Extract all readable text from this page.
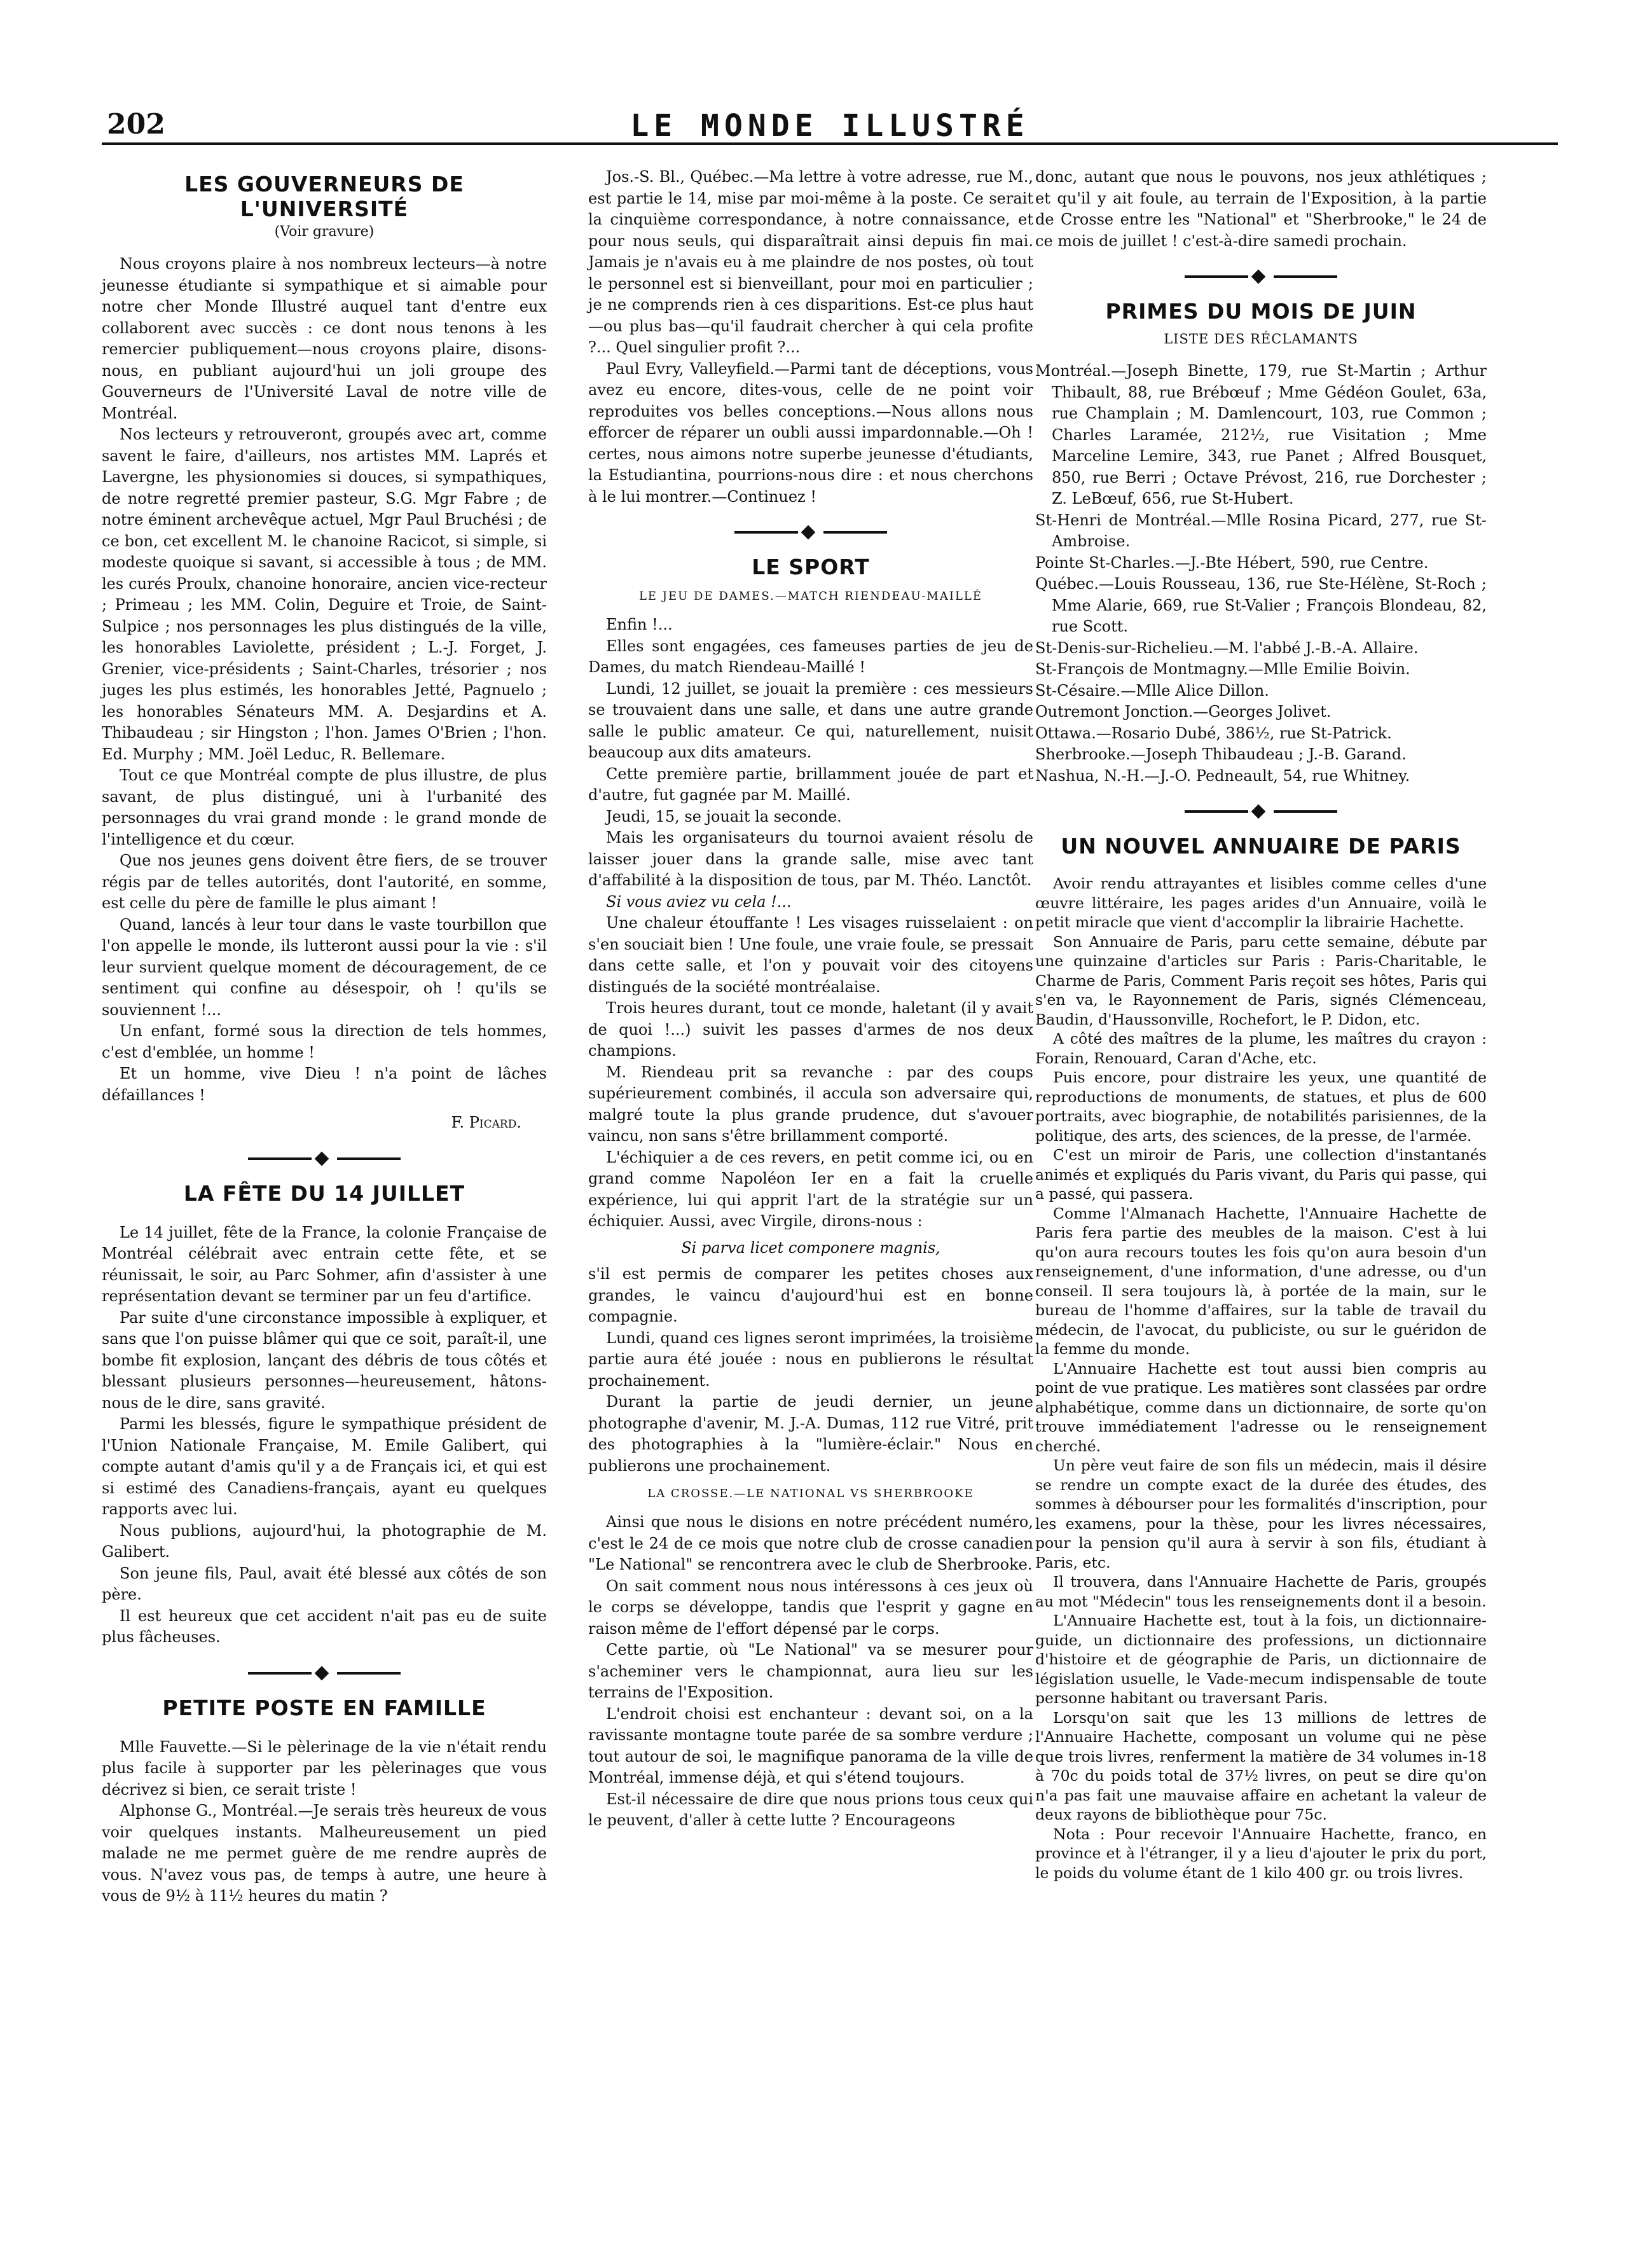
202	LE MONDE ILLUSTRÉ
LES GOUVERNEURS DE L'UNIVERSITÉ
(Voir gravure)

Nous croyons plaire à nos nombreux lecteurs—à notre jeunesse étudiante si sympathique et si aimable pour notre cher Monde Illustré auquel tant d'entre eux collaborent avec succès : ce dont nous tenons à les remercier publiquement—nous croyons plaire, disons-nous, en publiant aujourd'hui un joli groupe des Gouverneurs de l'Université Laval de notre ville de Montréal.

Nos lecteurs y retrouveront, groupés avec art, comme savent le faire, d'ailleurs, nos artistes MM. Laprés et Lavergne, les physionomies si douces, si sympathiques, de notre regretté premier pasteur, S.G. Mgr Fabre ; de notre éminent archevêque actuel, Mgr Paul Bruchési ; de ce bon, cet excellent M. le chanoine Racicot, si simple, si modeste quoique si savant, si accessible à tous ; de MM. les curés Proulx, chanoine honoraire, ancien vice-recteur ; Primeau ; les MM. Colin, Deguire et Troie, de Saint-Sulpice ; nos personnages les plus distingués de la ville, les honorables Laviolette, président ; L.-J. Forget, J. Grenier, vice-présidents ; Saint-Charles, trésorier ; nos juges les plus estimés, les honorables Jetté, Pagnuelo ; les honorables Sénateurs MM. A. Desjardins et A. Thibaudeau ; sir Hingston ; l'hon. James O'Brien ; l'hon. Ed. Murphy ; MM. Joël Leduc, R. Bellemare.

Tout ce que Montréal compte de plus illustre, de plus savant, de plus distingué, uni à l'urbanité des personnages du vrai grand monde : le grand monde de l'intelligence et du cœur.

Que nos jeunes gens doivent être fiers, de se trouver régis par de telles autorités, dont l'autorité, en somme, est celle du père de famille le plus aimant !

Quand, lancés à leur tour dans le vaste tourbillon que l'on appelle le monde, ils lutteront aussi pour la vie : s'il leur survient quelque moment de découragement, de ce sentiment qui confine au désespoir, oh ! qu'ils se souviennent !...

Un enfant, formé sous la direction de tels hommes, c'est d'emblée, un homme !

Et un homme, vive Dieu ! n'a point de lâches défaillances !

F. Picard.

LA FÊTE DU 14 JUILLET

Le 14 juillet, fête de la France, la colonie Française de Montréal célébrait avec entrain cette fête, et se réunissait, le soir, au Parc Sohmer, afin d'assister à une représentation devant se terminer par un feu d'artifice.

Par suite d'une circonstance impossible à expliquer, et sans que l'on puisse blâmer qui que ce soit, paraît-il, une bombe fit explosion, lançant des débris de tous côtés et blessant plusieurs personnes—heureusement, hâtons-nous de le dire, sans gravité.

Parmi les blessés, figure le sympathique président de l'Union Nationale Française, M. Emile Galibert, qui compte autant d'amis qu'il y a de Français ici, et qui est si estimé des Canadiens-français, ayant eu quelques rapports avec lui.

Nous publions, aujourd'hui, la photographie de M. Galibert.

Son jeune fils, Paul, avait été blessé aux côtés de son père.

Il est heureux que cet accident n'ait pas eu de suite plus fâcheuses.

PETITE POSTE EN FAMILLE

Mlle Fauvette.—Si le pèlerinage de la vie n'était rendu plus facile à supporter par les pèlerinages que vous décrivez si bien, ce serait triste !

Alphonse G., Montréal.—Je serais très heureux de vous voir quelques instants. Malheureusement un pied malade ne me permet guère de me rendre auprès de vous. N'avez vous pas, de temps à autre, une heure à vous de 9½ à 11½ heures du matin ?

Jos.-S. Bl., Québec.—Ma lettre à votre adresse, rue M., est partie le 14, mise par moi-même à la poste. Ce serait la cinquième correspondance, à notre connaissance, et pour nous seuls, qui disparaîtrait ainsi depuis fin mai. Jamais je n'avais eu à me plaindre de nos postes, où tout le personnel est si bienveillant, pour moi en particulier ; je ne comprends rien à ces disparitions. Est-ce plus haut—ou plus bas—qu'il faudrait chercher à qui cela profite ?... Quel singulier profit ?...

Paul Evry, Valleyfield.—Parmi tant de déceptions, vous avez eu encore, dites-vous, celle de ne point voir reproduites vos belles conceptions.—Nous allons nous efforcer de réparer un oubli aussi impardonnable.—Oh ! certes, nous aimons notre superbe jeunesse d'étudiants, la Estudiantina, pourrions-nous dire : et nous cherchons à le lui montrer.—Continuez !

LE SPORT
LE JEU DE DAMES.—MATCH RIENDEAU-MAILLÉ

Enfin !...

Elles sont engagées, ces fameuses parties de jeu de Dames, du match Riendeau-Maillé !

Lundi, 12 juillet, se jouait la première : ces messieurs se trouvaient dans une salle, et dans une autre grande salle le public amateur. Ce qui, naturellement, nuisit beaucoup aux dits amateurs.

Cette première partie, brillamment jouée de part et d'autre, fut gagnée par M. Maillé.

Jeudi, 15, se jouait la seconde.

Mais les organisateurs du tournoi avaient résolu de laisser jouer dans la grande salle, mise avec tant d'affabilité à la disposition de tous, par M. Théo. Lanctôt.

Si vous aviez vu cela !...

Une chaleur étouffante ! Les visages ruisselaient : on s'en souciait bien ! Une foule, une vraie foule, se pressait dans cette salle, et l'on y pouvait voir des citoyens distingués de la société montréalaise.

Trois heures durant, tout ce monde, haletant (il y avait de quoi !...) suivit les passes d'armes de nos deux champions.

M. Riendeau prit sa revanche : par des coups supérieurement combinés, il accula son adversaire qui, malgré toute la plus grande prudence, dut s'avouer vaincu, non sans s'être brillamment comporté.

L'échiquier a de ces revers, en petit comme ici, ou en grand comme Napoléon Ier en a fait la cruelle expérience, lui qui apprit l'art de la stratégie sur un échiquier. Aussi, avec Virgile, dirons-nous :

Si parva licet componere magnis,

s'il est permis de comparer les petites choses aux grandes, le vaincu d'aujourd'hui est en bonne compagnie.

Lundi, quand ces lignes seront imprimées, la troisième partie aura été jouée : nous en publierons le résultat prochainement.

Durant la partie de jeudi dernier, un jeune photographe d'avenir, M. J.-A. Dumas, 112 rue Vitré, prit des photographies à la "lumière-éclair." Nous en publierons une prochainement.

LA CROSSE.—LE NATIONAL VS SHERBROOKE

Ainsi que nous le disions en notre précédent numéro, c'est le 24 de ce mois que notre club de crosse canadien "Le National" se rencontrera avec le club de Sherbrooke.

On sait comment nous nous intéressons à ces jeux où le corps se développe, tandis que l'esprit y gagne en raison même de l'effort dépensé par le corps.

Cette partie, où "Le National" va se mesurer pour s'acheminer vers le championnat, aura lieu sur les terrains de l'Exposition.

L'endroit choisi est enchanteur : devant soi, on a la ravissante montagne toute parée de sa sombre verdure ; tout autour de soi, le magnifique panorama de la ville de Montréal, immense déjà, et qui s'étend toujours.

Est-il nécessaire de dire que nous prions tous ceux qui le peuvent, d'aller à cette lutte ? Encourageons

donc, autant que nous le pouvons, nos jeux athlétiques ; et qu'il y ait foule, au terrain de l'Exposition, à la partie de Crosse entre les "National" et "Sherbrooke," le 24 de ce mois de juillet ! c'est-à-dire samedi prochain.

PRIMES DU MOIS DE JUIN
LISTE DES RÉCLAMANTS

Montréal.—Joseph Binette, 179, rue St-Martin ; Arthur Thibault, 88, rue Brébœuf ; Mme Gédéon Goulet, 63a, rue Champlain ; M. Damlencourt, 103, rue Common ; Charles Laramée, 212½, rue Visitation ; Mme Marceline Lemire, 343, rue Panet ; Alfred Bousquet, 850, rue Berri ; Octave Prévost, 216, rue Dorchester ; Z. LeBœuf, 656, rue St-Hubert.

St-Henri de Montréal.—Mlle Rosina Picard, 277, rue St-Ambroise.

Pointe St-Charles.—J.-Bte Hébert, 590, rue Centre.

Québec.—Louis Rousseau, 136, rue Ste-Hélène, St-Roch ; Mme Alarie, 669, rue St-Valier ; François Blondeau, 82, rue Scott.

St-Denis-sur-Richelieu.—M. l'abbé J.-B.-A. Allaire.

St-François de Montmagny.—Mlle Emilie Boivin.

St-Césaire.—Mlle Alice Dillon.

Outremont Jonction.—Georges Jolivet.

Ottawa.—Rosario Dubé, 386½, rue St-Patrick.

Sherbrooke.—Joseph Thibaudeau ; J.-B. Garand.

Nashua, N.-H.—J.-O. Pedneault, 54, rue Whitney.

UN NOUVEL ANNUAIRE DE PARIS

Avoir rendu attrayantes et lisibles comme celles d'une œuvre littéraire, les pages arides d'un Annuaire, voilà le petit miracle que vient d'accomplir la librairie Hachette.

Son Annuaire de Paris, paru cette semaine, débute par une quinzaine d'articles sur Paris : Paris-Charitable, le Charme de Paris, Comment Paris reçoit ses hôtes, Paris qui s'en va, le Rayonnement de Paris, signés Clémenceau, Baudin, d'Haussonville, Rochefort, le P. Didon, etc.

A côté des maîtres de la plume, les maîtres du crayon : Forain, Renouard, Caran d'Ache, etc.

Puis encore, pour distraire les yeux, une quantité de reproductions de monuments, de statues, et plus de 600 portraits, avec biographie, de notabilités parisiennes, de la politique, des arts, des sciences, de la presse, de l'armée.

C'est un miroir de Paris, une collection d'instantanés animés et expliqués du Paris vivant, du Paris qui passe, qui a passé, qui passera.

Comme l'Almanach Hachette, l'Annuaire Hachette de Paris fera partie des meubles de la maison. C'est à lui qu'on aura recours toutes les fois qu'on aura besoin d'un renseignement, d'une information, d'une adresse, ou d'un conseil. Il sera toujours là, à portée de la main, sur le bureau de l'homme d'affaires, sur la table de travail du médecin, de l'avocat, du publiciste, ou sur le guéridon de la femme du monde.

L'Annuaire Hachette est tout aussi bien compris au point de vue pratique. Les matières sont classées par ordre alphabétique, comme dans un dictionnaire, de sorte qu'on trouve immédiatement l'adresse ou le renseignement cherché.

Un père veut faire de son fils un médecin, mais il désire se rendre un compte exact de la durée des études, des sommes à débourser pour les formalités d'inscription, pour les examens, pour la thèse, pour les livres nécessaires, pour la pension qu'il aura à servir à son fils, étudiant à Paris, etc.

Il trouvera, dans l'Annuaire Hachette de Paris, groupés au mot "Médecin" tous les renseignements dont il a besoin.

L'Annuaire Hachette est, tout à la fois, un dictionnaire-guide, un dictionnaire des professions, un dictionnaire d'histoire et de géographie de Paris, un dictionnaire de législation usuelle, le Vade-mecum indispensable de toute personne habitant ou traversant Paris.

Lorsqu'on sait que les 13 millions de lettres de l'Annuaire Hachette, composant un volume qui ne pèse que trois livres, renferment la matière de 34 volumes in-18 à 70c du poids total de 37½ livres, on peut se dire qu'on n'a pas fait une mauvaise affaire en achetant la valeur de deux rayons de bibliothèque pour 75c.

Nota : Pour recevoir l'Annuaire Hachette, franco, en province et à l'étranger, il y a lieu d'ajouter le prix du port, le poids du volume étant de 1 kilo 400 gr. ou trois livres.
